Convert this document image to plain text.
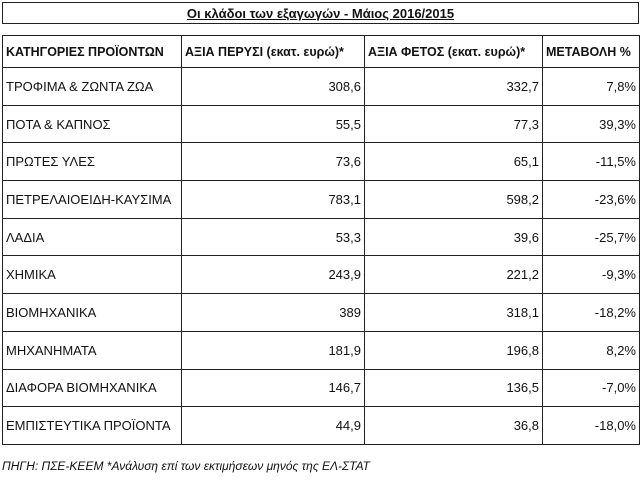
Οι κλάδοι των εξαγωγών - Μάιος 2016/2015
ΚΑΤΗΓΟΡΙΕΣ ΠΡΟΪΟΝΤΩΝ	ΑΞΙΑ ΠΕΡΥΣΙ (εκατ. ευρώ)*	ΑΞΙΑ ΦΕΤΟΣ (εκατ. ευρώ)*	ΜΕΤΑΒΟΛΗ %
ΤΡΟΦΙΜΑ & ΖΩΝΤΑ ΖΩΑ	308,6	332,7	7,8%
ΠΟΤΑ & ΚΑΠΝΟΣ	55,5	77,3	39,3%
ΠΡΩΤΕΣ ΥΛΕΣ	73,6	65,1	-11,5%
ΠΕΤΡΕΛΑΙΟΕΙΔΗ-ΚΑΥΣΙΜΑ	783,1	598,2	-23,6%
ΛΑΔΙΑ	53,3	39,6	-25,7%
ΧΗΜΙΚΑ	243,9	221,2	-9,3%
ΒΙΟΜΗΧΑΝΙΚΑ	389	318,1	-18,2%
ΜΗΧΑΝΗΜΑΤΑ	181,9	196,8	8,2%
ΔΙΑΦΟΡΑ ΒΙΟΜΗΧΑΝΙΚΑ	146,7	136,5	-7,0%
ΕΜΠΙΣΤΕΥΤΙΚΑ ΠΡΟΪΟΝΤΑ	44,9	36,8	-18,0%
ΠΗΓΗ: ΠΣΕ-ΚΕΕΜ *Ανάλυση επί των εκτιμήσεων μηνός της ΕΛ-ΣΤΑΤ
